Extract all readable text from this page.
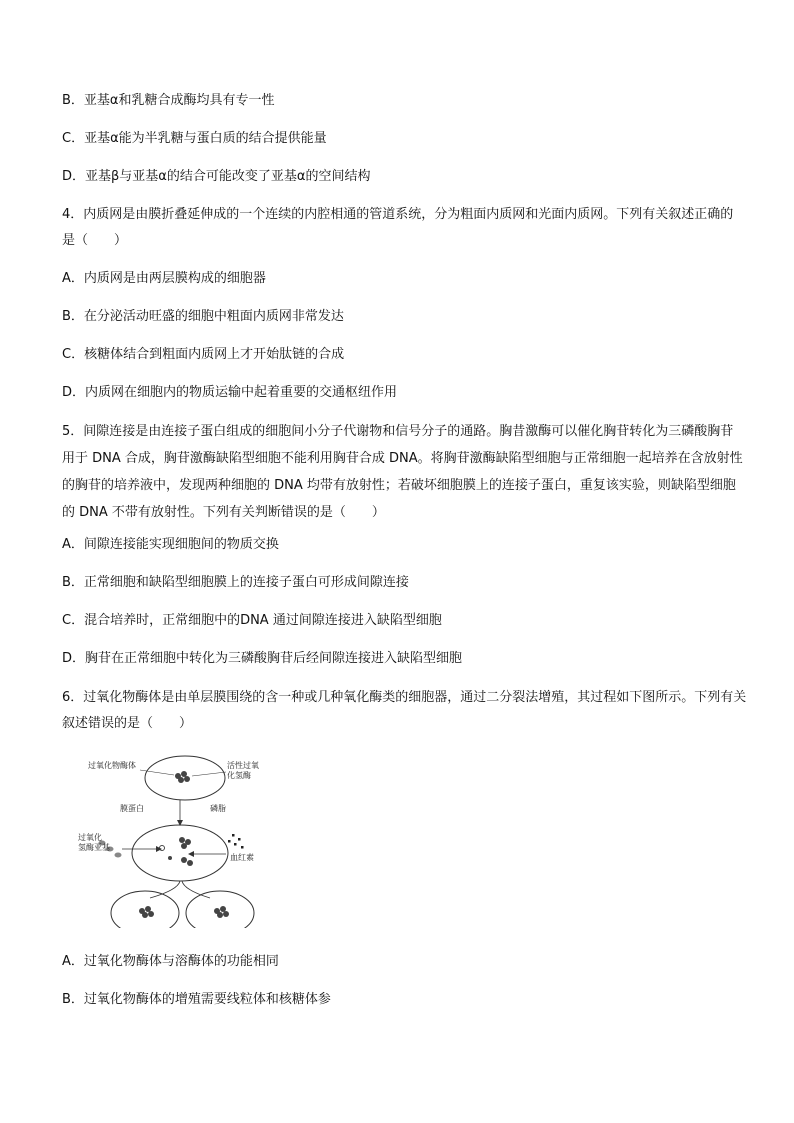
B．亚基α和乳糖合成酶均具有专一性
C．亚基α能为半乳糖与蛋白质的结合提供能量
D．亚基β与亚基α的结合可能改变了亚基α的空间结构
4．内质网是由膜折叠延伸成的一个连续的内腔相通的管道系统，分为粗面内质网和光面内质网。下列有关叙述正确的是（　　）
A．内质网是由两层膜构成的细胞器
B．在分泌活动旺盛的细胞中粗面内质网非常发达
C．核糖体结合到粗面内质网上才开始肽链的合成
D．内质网在细胞内的物质运输中起着重要的交通枢纽作用
5．间隙连接是由连接子蛋白组成的细胞间小分子代谢物和信号分子的通路。胸昔激酶可以催化胸苷转化为三磷酸胸苷用于 DNA 合成，胸苷激酶缺陷型细胞不能利用胸苷合成 DNA。将胸苷激酶缺陷型细胞与正常细胞一起培养在含放射性的胸苷的培养液中，发现两种细胞的 DNA 均带有放射性；若破坏细胞膜上的连接子蛋白，重复该实验，则缺陷型细胞的 DNA 不带有放射性。下列有关判断错误的是（　　）
A．间隙连接能实现细胞间的物质交换
B．正常细胞和缺陷型细胞膜上的连接子蛋白可形成间隙连接
C．混合培养时，正常细胞中的DNA 通过间隙连接进入缺陷型细胞
D．胸苷在正常细胞中转化为三磷酸胸苷后经间隙连接进入缺陷型细胞
6．过氧化物酶体是由单层膜围绕的含一种或几种氧化酶类的细胞器，通过二分裂法增殖，其过程如下图所示。下列有关叙述错误的是（　　）
过氧化物酶体	活性过氧
化氢酶
膜蛋白	磷脂
过氧化
氢酶亚基
血红素
A．过氧化物酶体与溶酶体的功能相同
B．过氧化物酶体的增殖需要线粒体和核糖体参
